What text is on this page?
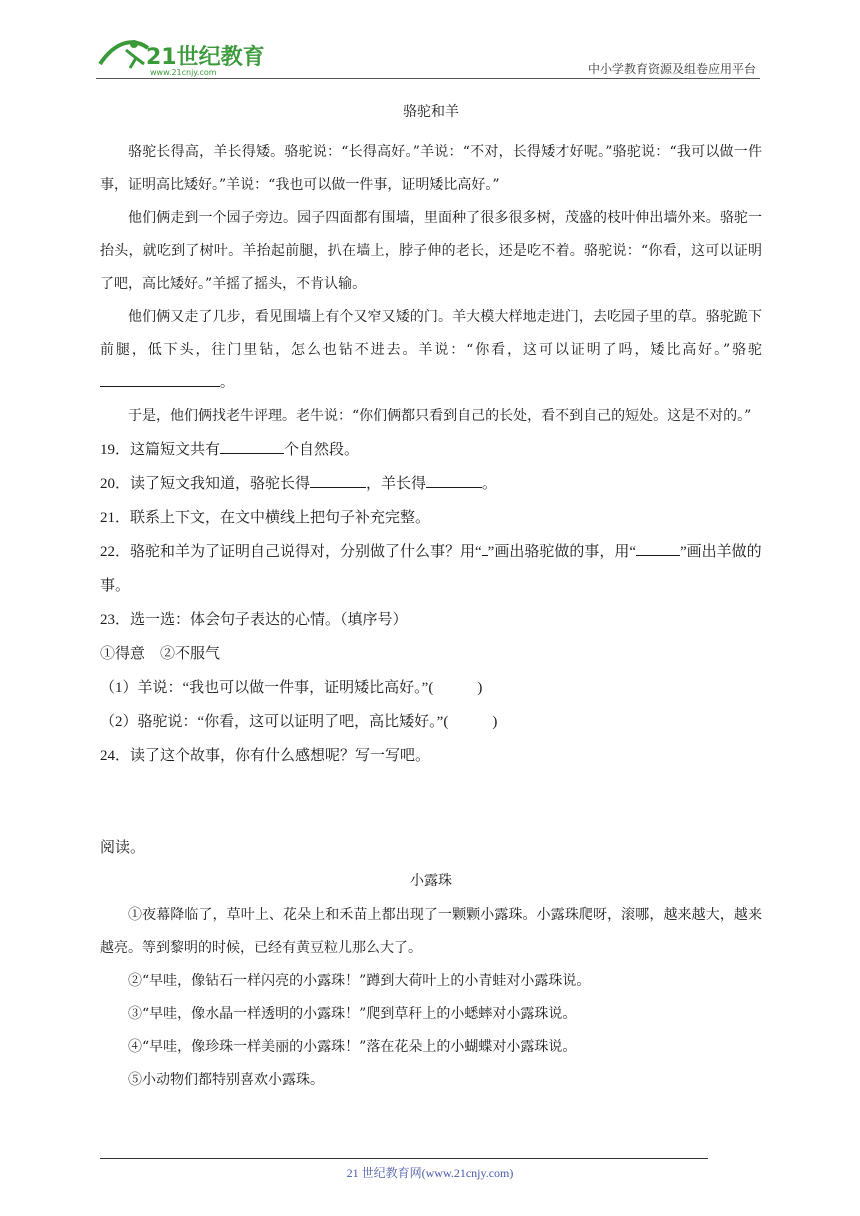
21世纪教育
www.21cnjy.com	中小学教育资源及组卷应用平台

骆驼和羊

骆驼长得高，羊长得矮。骆驼说：“长得高好。”羊说：“不对，长得矮才好呢。”骆驼说：“我可以做一件事，证明高比矮好。”羊说：“我也可以做一件事，证明矮比高好。”

他们俩走到一个园子旁边。园子四面都有围墙，里面种了很多很多树，茂盛的枝叶伸出墙外来。骆驼一抬头，就吃到了树叶。羊抬起前腿，扒在墙上，脖子伸的老长，还是吃不着。骆驼说：“你看，这可以证明了吧，高比矮好。”羊摇了摇头，不肯认输。

他们俩又走了几步，看见围墙上有个又窄又矮的门。羊大模大样地走进门，去吃园子里的草。骆驼跪下前腿，低下头，往门里钻，怎么也钻不进去。羊说：“你看，这可以证明了吗，矮比高好。”骆驼。

于是，他们俩找老牛评理。老牛说：“你们俩都只看到自己的长处，看不到自己的短处。这是不对的。”

19．这篇短文共有	个自然段。

20．读了短文我知道，骆驼长得	，羊长得	。

21．联系上下文，在文中横线上把句子补充完整。

22．骆驼和羊为了证明自己说得对，分别做了什么事？用“ ”画出骆驼做的事，用“	”画出羊做的事。

23．选一选：体会句子表达的心情。（填序号）

①得意　②不服气

（1）羊说：“我也可以做一件事，证明矮比高好。”(	)

（2）骆驼说：“你看，这可以证明了吧，高比矮好。”(	)

24．读了这个故事，你有什么感想呢？写一写吧。

阅读。

小露珠

①夜幕降临了，草叶上、花朵上和禾苗上都出现了一颗颗小露珠。小露珠爬呀，滚哪，越来越大，越来越亮。等到黎明的时候，已经有黄豆粒儿那么大了。

②“早哇，像钻石一样闪亮的小露珠！”蹲到大荷叶上的小青蛙对小露珠说。

③“早哇，像水晶一样透明的小露珠！”爬到草秆上的小蟋蟀对小露珠说。

④“早哇，像珍珠一样美丽的小露珠！”落在花朵上的小蝴蝶对小露珠说。

⑤小动物们都特别喜欢小露珠。

21 世纪教育网(www.21cnjy.com)
